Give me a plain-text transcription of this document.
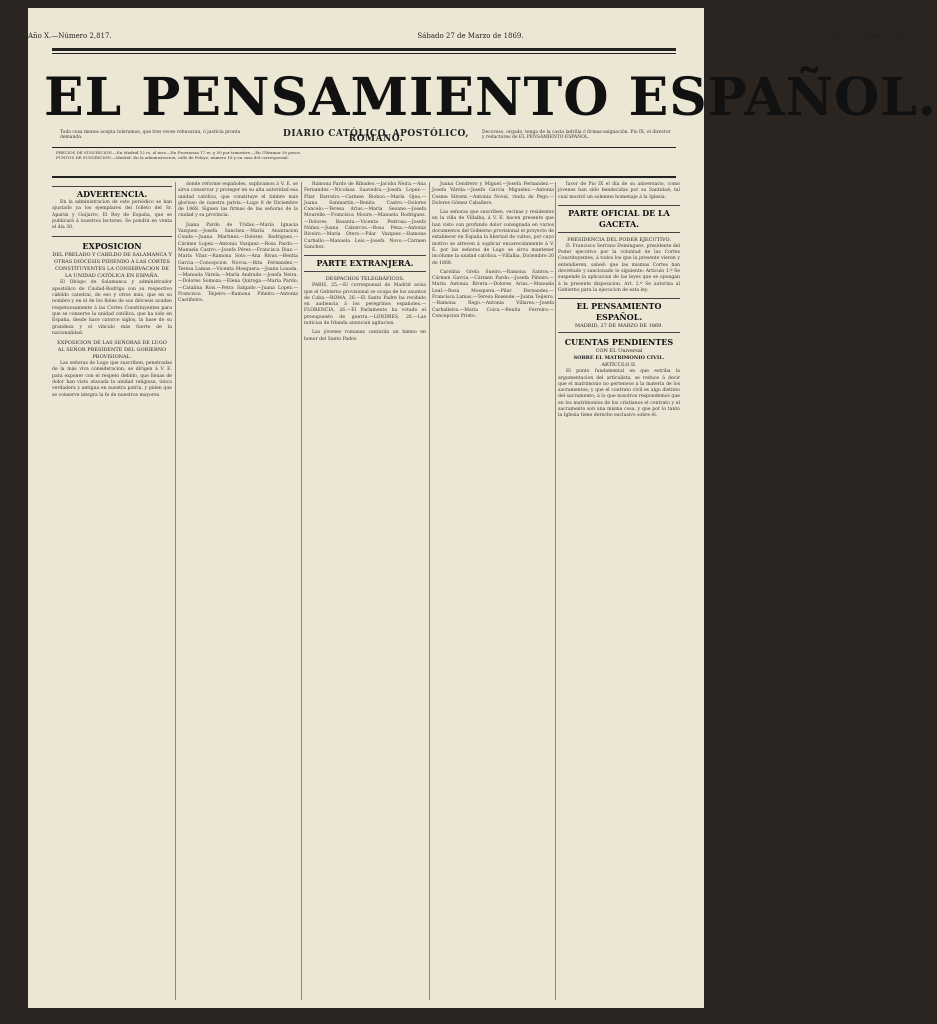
Año X.—Número 2,817.	Sábado 27 de Marzo de 1869.	Año X.—Número 2,817.
EL PENSAMIENTO ESPAÑOL.
Toda cosa menos acepta toleramos, que tres veces rehusaran, ó justicia pronta demanda.	DIARIO CATÓLICO, APOSTÓLICO, ROMANO.
Decoroso, orgado, tenga de la casta ladrilla ó firmas-asignación. Pío IX, el director y redactores de EL PENSAMIENTO ESPAÑOL.
PRECIOS DE SUSCRICION.—En Madrid 12 rs. al mes.—En Provincias 17 rs. y 50 por trimestre.—En Ultramar 30 pesos.
PUNTOS DE SUSCRICION.—Madrid: En la administracion, calle de Pelayo, número 18 y en casa del corresponsal.
ADVERTENCIA.

En la administracion de este periódico se han ajustado ya los ejemplares del folleto del Sr. Aparisi y Guijarro, El Rey de España, que se publicará á nuestros lectores. Se pondrá en venta el dia 30.

EXPOSICION
DEL PRELADO Y CABILDO DE SALAMANCA Y OTRAS DIÓCESIS PIDIENDO Á LAS CORTES CONSTITUYENTES LA CONSERVACION DE LA UNIDAD CATÓLICA EN ESPAÑA.

El Obispo de Salamanca y administrador apostólico de Ciudad-Rodrigo con su respectivo cabildo catedral, de eso y otros más, que en su nombre y en el de los fieles de sus diócesis acuden respetuosamente á las Cortes Constituyentes para que se conserve la unidad católica, que ha sido en España, desde hace catorce siglos, la base de su grandeza y el vínculo más fuerte de la nacionalidad.

EXPOSICION DE LAS SEÑORAS DE LUGO
AL SEÑOR PRESIDENTE DEL GOBIERNO PROVISIONAL.

Las señoras de Lugo que suscriben, penetradas de la más viva consideracion, se dirigen á V. E. para exponer con el respeto debido, que llenas de dolor han visto atacada la unidad religiosa, única verdadera y antigua en nuestra patria, y piden que se conserve integra la fe de nuestros mayores.

donde reforme españoles, suplicamos á V. E. se sirva conservar y proteger en su alta autoridad esa unidad católica, que constituye el timbre más glorioso de nuestra patria.—Lugo 8 de Diciembre de 1868. Siguen las firmas de las señoras de la ciudad y su provincia.

Juana Pardo de Tridas.—María Ignacia Vazquez.—Josefa Sanchez.—María Anuntacion Conde.—Juana Martinez.—Dolores Rodriguez.—Cármen Lopez.—Antonia Vazquez.—Rosa Pardo.—Manuela Castro.—Josefa Pérez.—Francisca Diaz.—María Vilar.—Ramona Soto.—Ana Rivas.—Benita Garcia.—Concepcion Novoa.—Rita Fernandez.—Teresa Lamas.—Vicenta Mosquera.—Juana Losada.—Manuela Várela.—María Andrade.—Josefa Neira.—Dolores Somoza.—Elena Quiroga.—María Pardo.—Catalina Rois.—Petra Salgado.—Juana Lopez.—Francisca Teijeiro.—Ramona Piñeiro.—Antonia Castiñeira.

Ramona Pardo de Ribadeo.—Jacoba Neira.—Ana Fernandez.—Nicolasa Saavedra.—Josefa Lopez.—Pilar Barreiro.—Carmen Rioboo.—María Ojea.—Juana Sanmartín.—Benita Castro.—Dolores Cancelo.—Teresa Arias.—María Seoane.—Josefa Mourelle.—Francisca Moure.—Manuela Rodriguez.—Dolores Basanta.—Vicenta Pedrosa.—Josefa Núñez.—Juana Cabarcos.—Rosa Pena.—Antonia Riveiro.—María Otero.—Pilar Vazquez.—Ramona Carballo.—Manuela Leis.—Josefa Novo.—Cármen Sanchez.

PARTE EXTRANJERA.
DESPACHOS TELEGRÁFICOS.

PARIS, 25.—El corresponsal de Madrid avisa que el Gobierno provisional se ocupa de los asuntos de Cuba.—ROMA, 26.—El Santo Padre ha recibido en audiencia á los peregrinos españoles.—FLORENCIA, 26.—El Parlamento ha votado el presupuesto de guerra.—LONDRES, 26.—Las noticias de Irlanda anuncian agitacion.

Las jóvenes romanas cantarán un himno en honor del Santo Padre.

Juana Cendrero y Miguel.—Josefa Fernandez.—Josefa Várela.—Josefa Garcia Miguelez.—Antonia Cosme Silvent.—Antonia Noval, viuda de Pego.—Dolores Gómez Caballero.

Las señoras que suscriben, vecinas y residentes en la villa de Villalba, á V. E. hacen presente que han visto con profundo dolor consignada en varios documentos del Gobierno provisional el proyecto de establecer en España la libertad de cultos, por cuyo motivo se atreven á suplicar encarecidamente á V. E. por las señoras de Lugo se sirva mantener incólume la unidad católica.—Villalba, Diciembre 20 de 1868.

Carolina Grela Sueiro.—Ramona Santos.—Cármen Garcia.—Cármen Pardo.—Josefa Piñeiro.—María Antonia Rivera.—Dolores Arias.—Manuela Leal.—Rosa Mosquera.—Pilar Fernandez.—Francisca Lamas.—Teresa Rosende.—Juana Teijeiro.—Ramona Rego.—Antonia Villares.—Josefa Carballeira.—María Coira.—Benita Ferreiro.—Concepcion Prieto.

favor de Pio IX el día de su aniversario, como jóvenes han sido bendecidas por su Santidad; tal cual mostró un solemne homenaje á la Iglesia.

PARTE OFICIAL DE LA GACETA.
PRESIDENCIA DEL PODER EJECUTIVO.

D. Francisco Serrano Dominguez, presidente del Poder ejecutivo por la voluntad de las Cortes Constituyentes, á todos los que la presente vieren y entendieren, sabed: que las mismas Cortes han decretado y sancionado lo siguiente: Artículo 1.º Se suspende la aplicacion de las leyes que se opongan á la presente disposicion. Art. 2.º Se autoriza al Gobierno para la ejecucion de esta ley.

EL PENSAMIENTO ESPAÑOL.
MADRID, 27 DE MARZO DE 1869.
CUENTAS PENDIENTES
CON EL Universal
SOBRE EL MATRIMONIO CIVIL.
ARTÍCULO II.

El punto fundamental en que estriba la argumentacion del articulista, se reduce á decir que el matrimonio no pertenece á la materia de los sacramentos; y que el contrato civil es algo distinto del sacramento; á lo que nosotros respondemos que en los matrimonios de los cristianos el contrato y el sacramento son una misma cosa, y que por lo tanto la Iglesia tiene derecho exclusivo sobre él.
